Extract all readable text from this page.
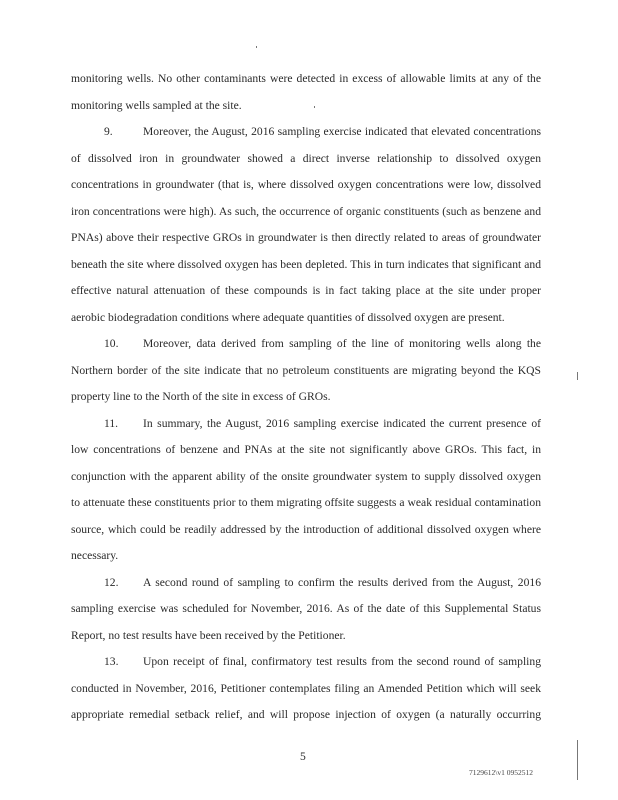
5
7129612\v1 0952512
monitoring wells. No other contaminants were detected in excess of allowable limits at any of the
monitoring wells sampled at the site.
9.	Moreover, the August, 2016 sampling exercise indicated that elevated concentrations
of dissolved iron in groundwater showed a direct inverse relationship to dissolved oxygen
concentrations in groundwater (that is, where dissolved oxygen concentrations were low, dissolved
iron concentrations were high). As such, the occurrence of organic constituents (such as benzene and
PNAs) above their respective GROs in groundwater is then directly related to areas of groundwater
beneath the site where dissolved oxygen has been depleted. This in turn indicates that significant and
effective natural attenuation of these compounds is in fact taking place at the site under proper
aerobic biodegradation conditions where adequate quantities of dissolved oxygen are present.
10. Moreover, data derived from sampling of the line of monitoring wells along the
Northern border of the site indicate that no petroleum constituents are migrating beyond the KQS
property line to the North of the site in excess of GROs.
11. In summary, the August, 2016 sampling exercise indicated the current presence of
low concentrations of benzene and PNAs at the site not significantly above GROs. This fact, in
conjunction with the apparent ability of the onsite groundwater system to supply dissolved oxygen
to attenuate these constituents prior to them migrating offsite suggests a weak residual contamination
source, which could be readily addressed by the introduction of additional dissolved oxygen where
necessary.
12. A second round of sampling to confirm the results derived from the August, 2016
sampling exercise was scheduled for November, 2016. As of the date of this Supplemental Status
Report, no test results have been received by the Petitioner.
13. Upon receipt of final, confirmatory test results from the second round of sampling
conducted in November, 2016, Petitioner contemplates filing an Amended Petition which will seek
appropriate remedial setback relief, and will propose injection of oxygen (a naturally occurring
